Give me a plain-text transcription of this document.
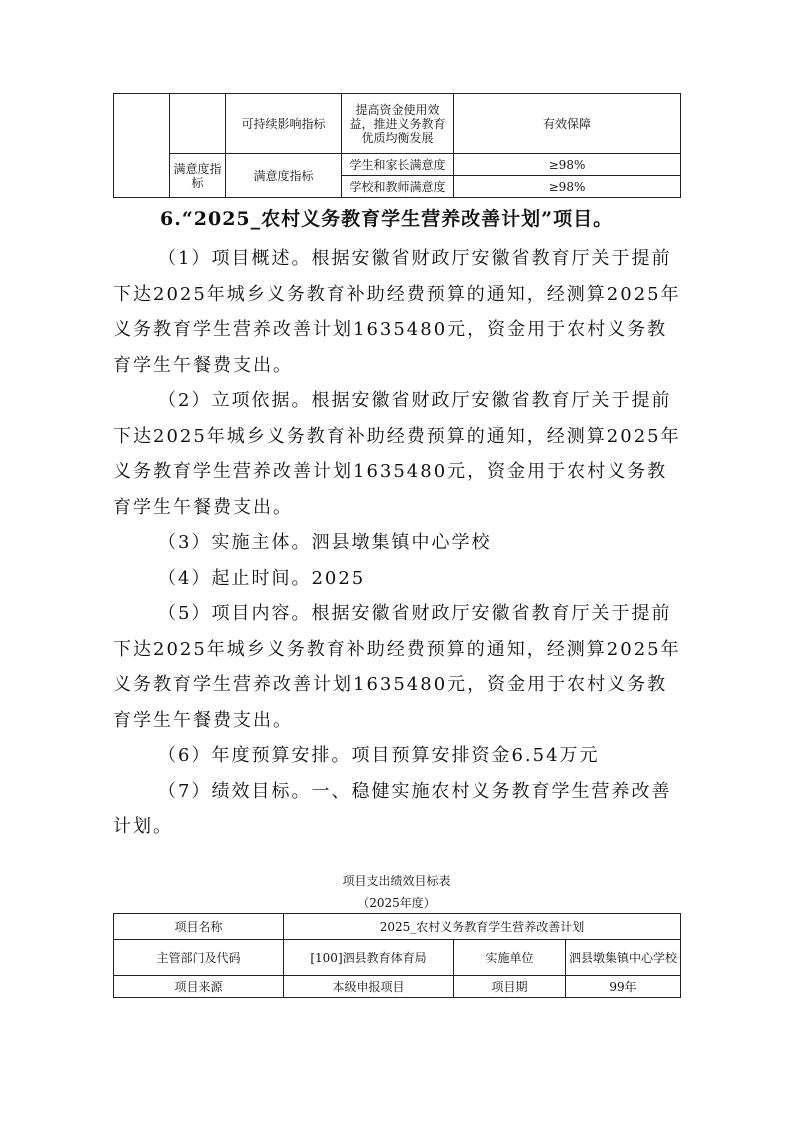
		可持续影响指标	提高资金使用效益，推进义务教育优质均衡发展	有效保障
	满意度指标	满意度指标	学生和家长满意度	≥98%
			学校和教师满意度	≥98%
6.“2025_农村义务教育学生营养改善计划”项目。

（1）项目概述。根据安徽省财政厅安徽省教育厅关于提前下达2025年城乡义务教育补助经费预算的通知，经测算2025年义务教育学生营养改善计划1635480元，资金用于农村义务教育学生午餐费支出。

（2）立项依据。根据安徽省财政厅安徽省教育厅关于提前下达2025年城乡义务教育补助经费预算的通知，经测算2025年义务教育学生营养改善计划1635480元，资金用于农村义务教育学生午餐费支出。

（3）实施主体。泗县墩集镇中心学校

（4）起止时间。2025

（5）项目内容。根据安徽省财政厅安徽省教育厅关于提前下达2025年城乡义务教育补助经费预算的通知，经测算2025年义务教育学生营养改善计划1635480元，资金用于农村义务教育学生午餐费支出。

（6）年度预算安排。项目预算安排资金6.54万元

（7）绩效目标。一、稳健实施农村义务教育学生营养改善计划。

项目支出绩效目标表
（2025年度）
项目名称	2025_农村义务教育学生营养改善计划		
主管部门及代码	[100]泗县教育体育局	实施单位	泗县墩集镇中心学校
项目来源	本级申报项目	项目期	99年
